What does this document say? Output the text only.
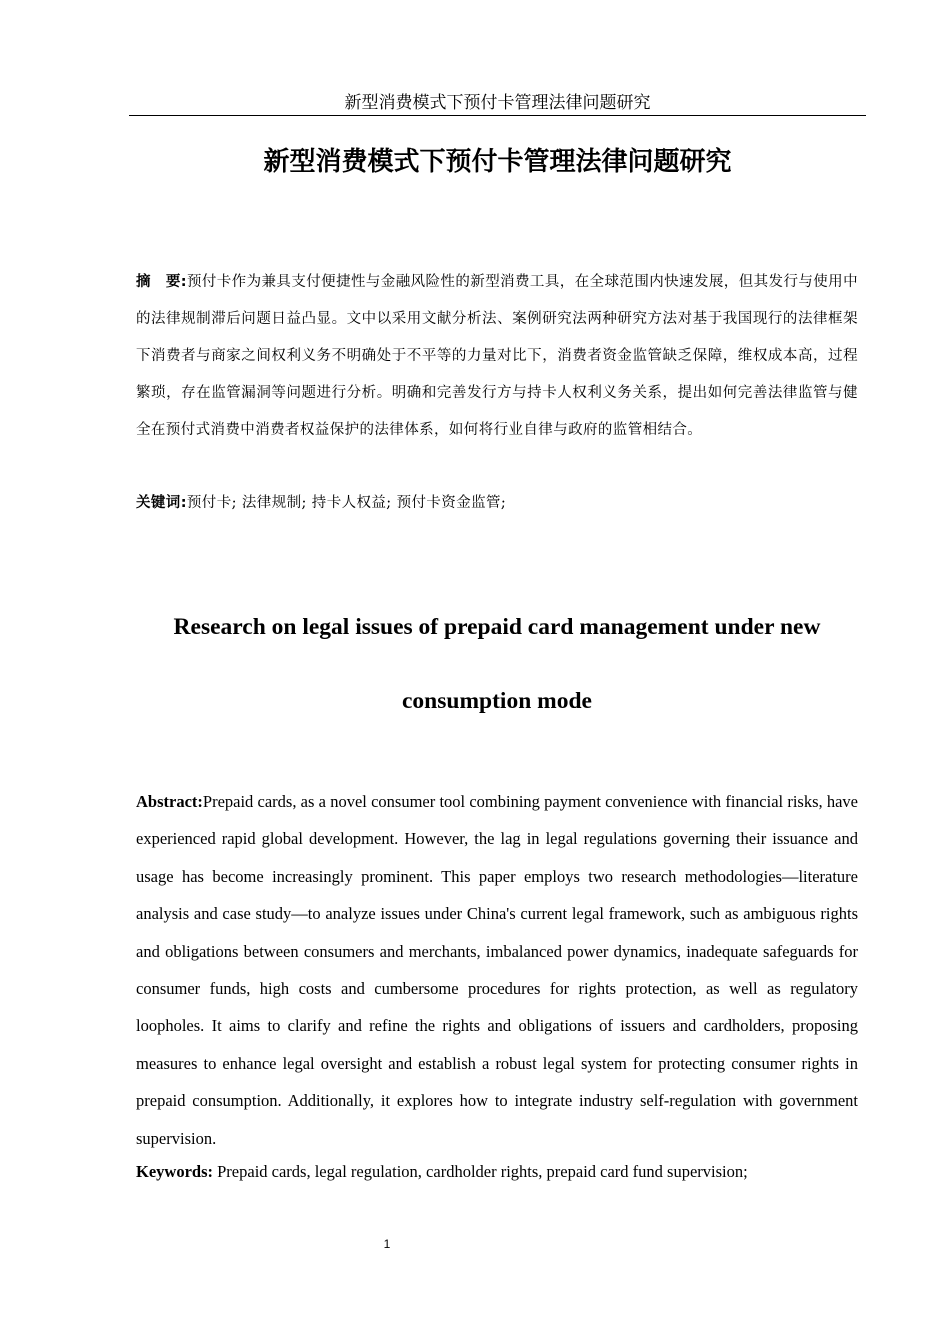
新型消费模式下预付卡管理法律问题研究
新型消费模式下预付卡管理法律问题研究

摘　要:预付卡作为兼具支付便捷性与金融风险性的新型消费工具，在全球范围内快速发展，但其发行与使用中的法律规制滞后问题日益凸显。文中以采用文献分析法、案例研究法两种研究方法对基于我国现行的法律框架下消费者与商家之间权利义务不明确处于不平等的力量对比下，消费者资金监管缺乏保障，维权成本高，过程繁琐，存在监管漏洞等问题进行分析。明确和完善发行方与持卡人权利义务关系，提出如何完善法律监管与健全在预付式消费中消费者权益保护的法律体系，如何将行业自律与政府的监管相结合。

关键词:预付卡; 法律规制; 持卡人权益; 预付卡资金监管;

Research on legal issues of prepaid card management under new consumption mode

Abstract:Prepaid cards, as a novel consumer tool combining payment convenience with financial risks, have experienced rapid global development. However, the lag in legal regulations governing their issuance and usage has become increasingly prominent. This paper employs two research methodologies—literature analysis and case study—to analyze issues under China's current legal framework, such as ambiguous rights and obligations between consumers and merchants, imbalanced power dynamics, inadequate safeguards for consumer funds, high costs and cumbersome procedures for rights protection, as well as regulatory loopholes. It aims to clarify and refine the rights and obligations of issuers and cardholders, proposing measures to enhance legal oversight and establish a robust legal system for protecting consumer rights in prepaid consumption. Additionally, it explores how to integrate industry self-regulation with government supervision.

Keywords: Prepaid cards, legal regulation, cardholder rights, prepaid card fund supervision;

1
